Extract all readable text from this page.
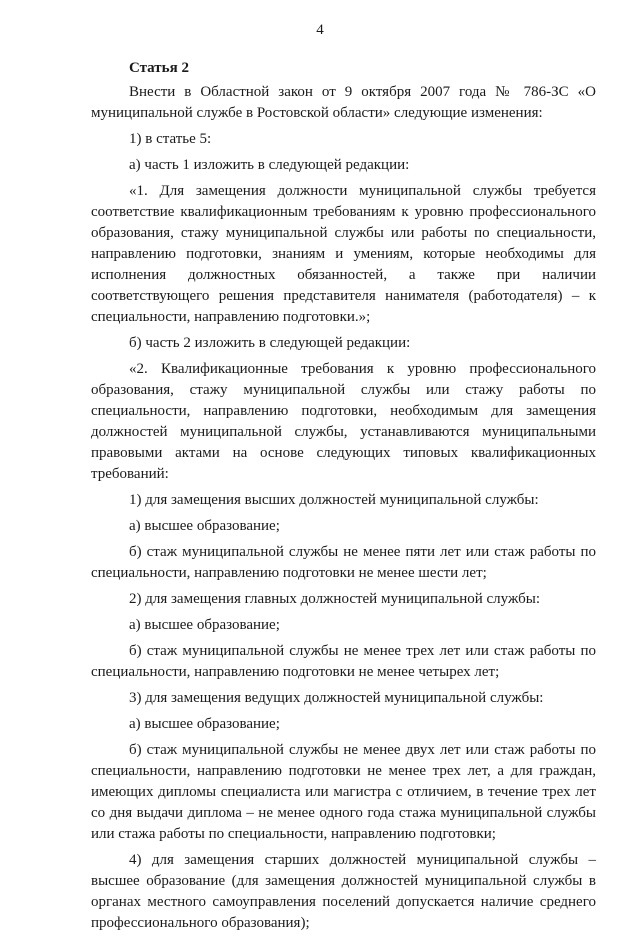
4
Статья 2

Внести в Областной закон от 9 октября 2007 года № 786-ЗС «О муниципальной службе в Ростовской области» следующие изменения:

1) в статье 5:

а) часть 1 изложить в следующей редакции:

«1. Для замещения должности муниципальной службы требуется соответствие квалификационным требованиям к уровню профессионального образования, стажу муниципальной службы или работы по специальности, направлению подготовки, знаниям и умениям, которые необходимы для исполнения должностных обязанностей, а также при наличии соответствующего решения представителя нанимателя (работодателя) – к специальности, направлению подготовки.»;

б) часть 2 изложить в следующей редакции:

«2. Квалификационные требования к уровню профессионального образования, стажу муниципальной службы или стажу работы по специальности, направлению подготовки, необходимым для замещения должностей муниципальной службы, устанавливаются муниципальными правовыми актами на основе следующих типовых квалификационных требований:

1) для замещения высших должностей муниципальной службы:

а) высшее образование;

б) стаж муниципальной службы не менее пяти лет или стаж работы по специальности, направлению подготовки не менее шести лет;

2) для замещения главных должностей муниципальной службы:

а) высшее образование;

б) стаж муниципальной службы не менее трех лет или стаж работы по специальности, направлению подготовки не менее четырех лет;

3) для замещения ведущих должностей муниципальной службы:

а) высшее образование;

б) стаж муниципальной службы не менее двух лет или стаж работы по специальности, направлению подготовки не менее трех лет, а для граждан, имеющих дипломы специалиста или магистра с отличием, в течение трех лет со дня выдачи диплома – не менее одного года стажа муниципальной службы или стажа работы по специальности, направлению подготовки;

4) для замещения старших должностей муниципальной службы – высшее образование (для замещения должностей муниципальной службы в органах местного самоуправления поселений допускается наличие среднего профессионального образования);
